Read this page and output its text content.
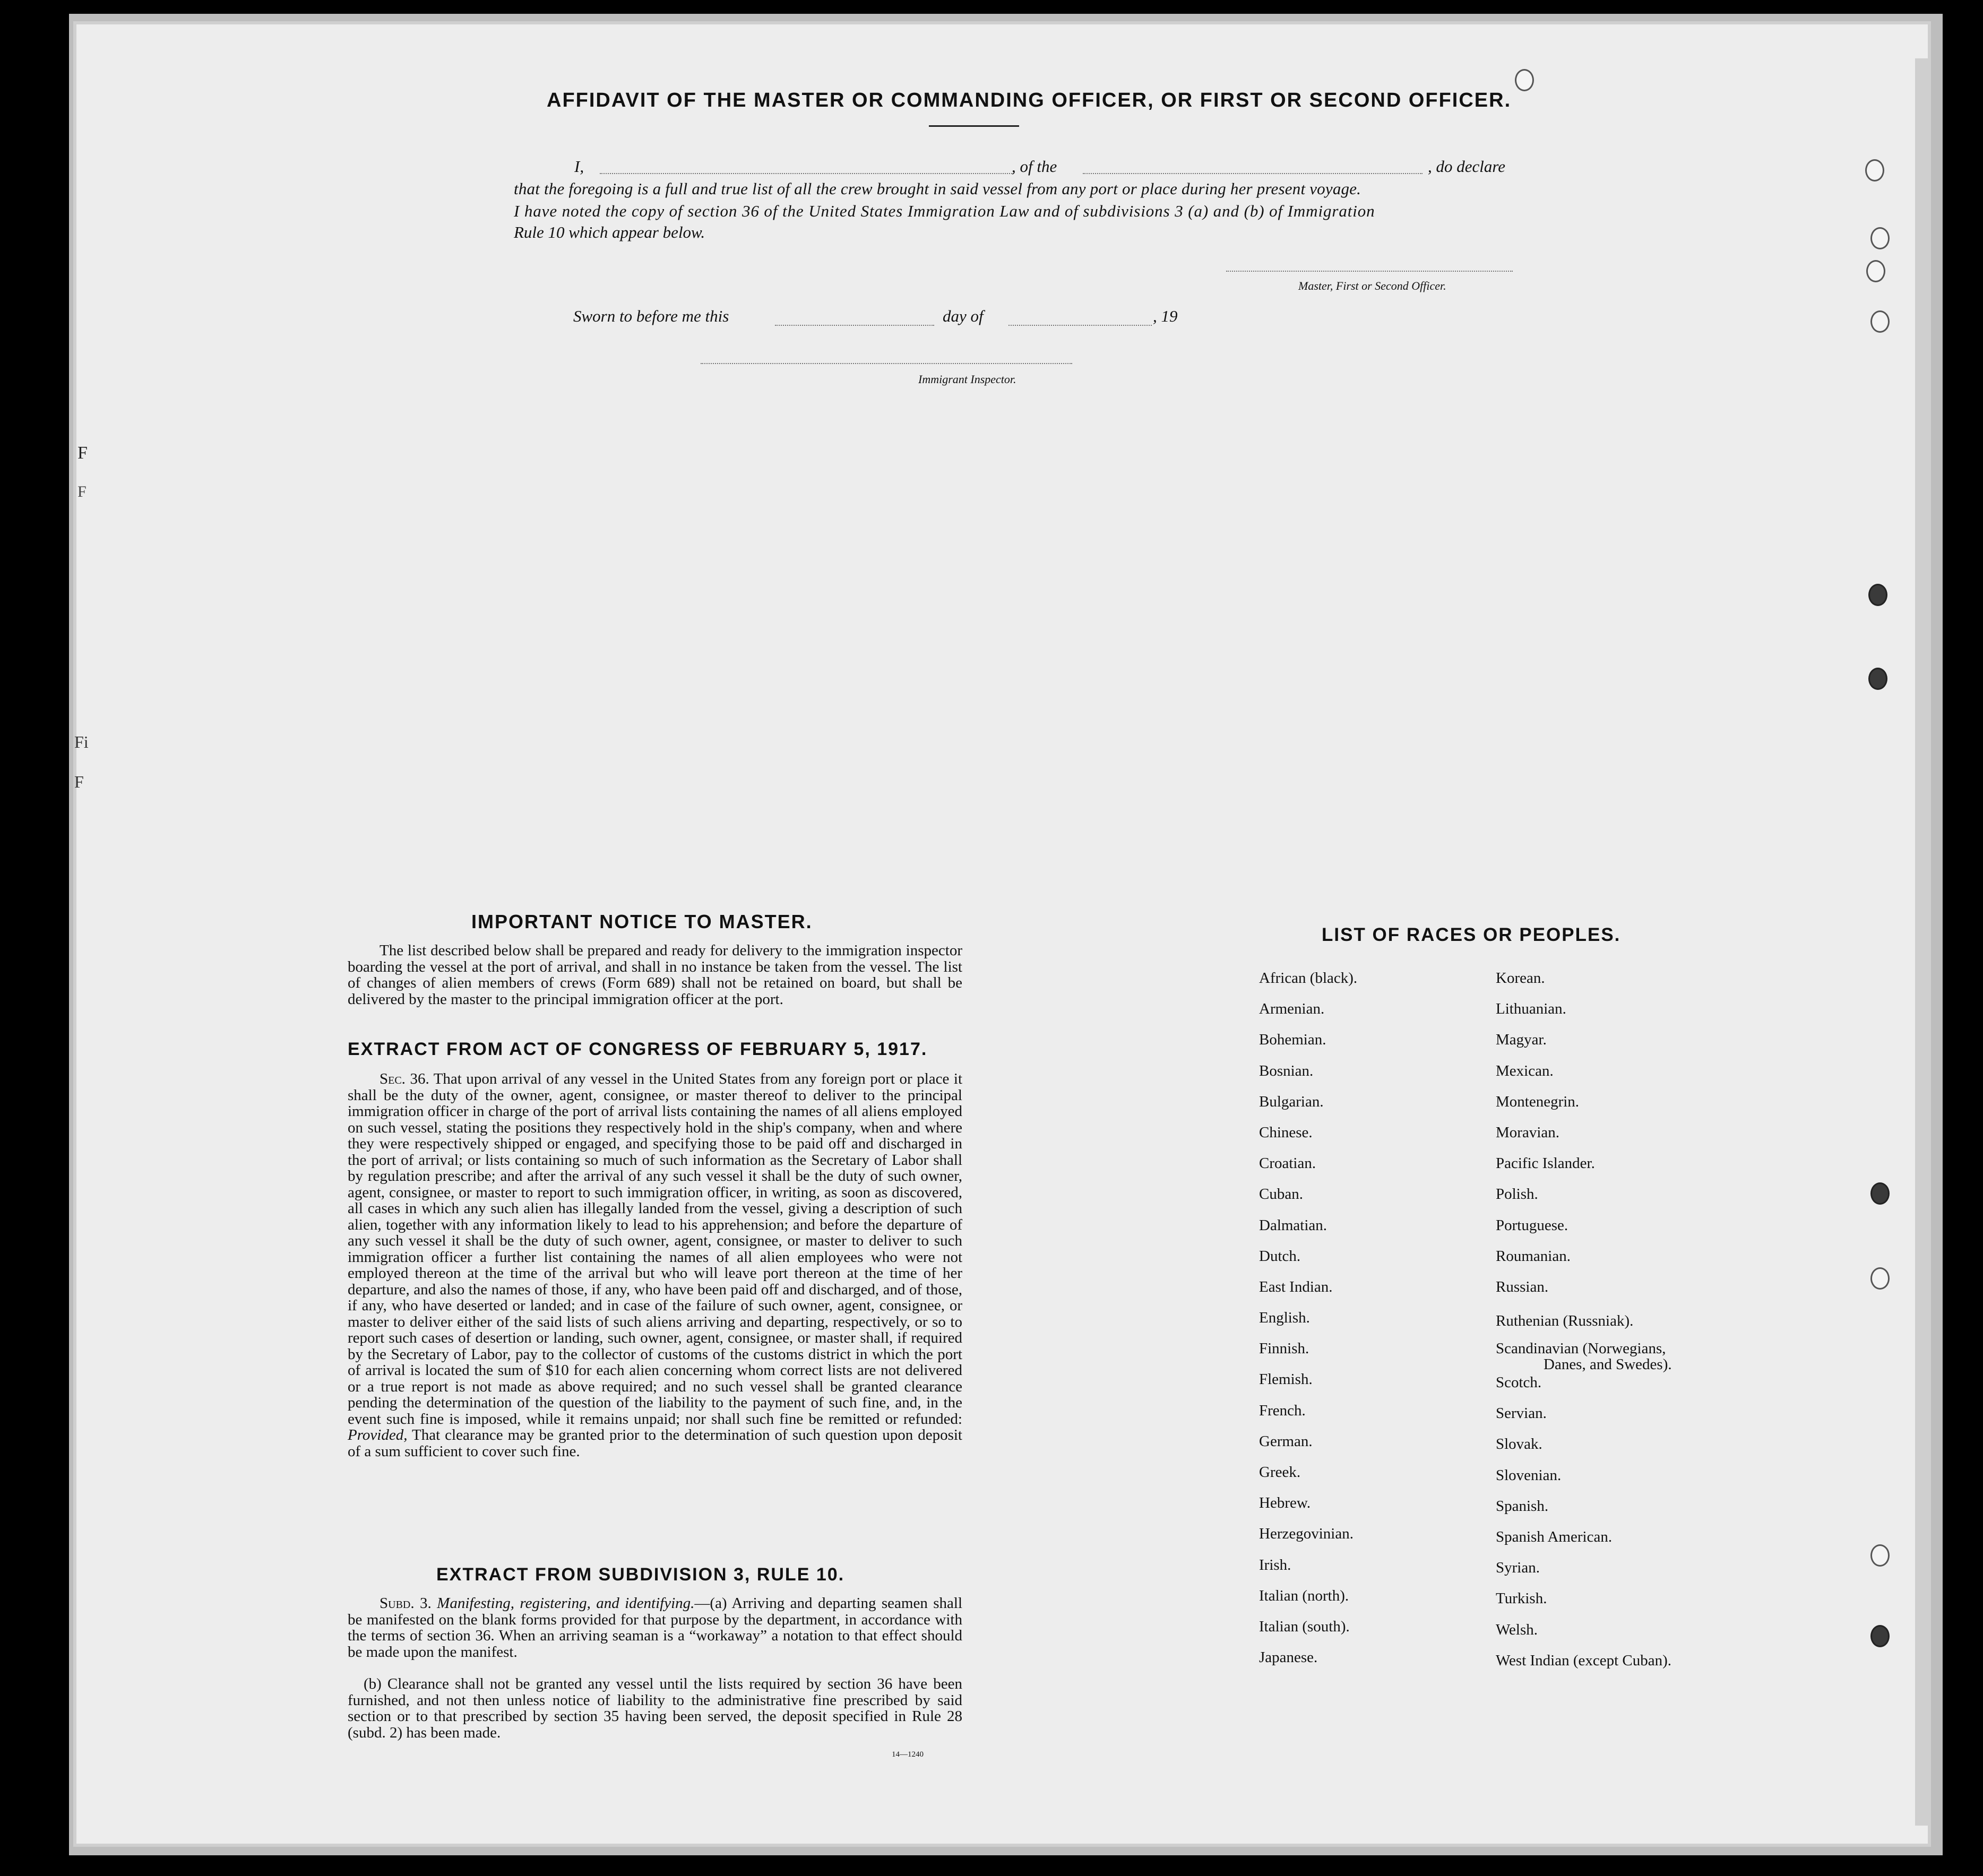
F
F
Fi
F
AFFIDAVIT OF THE MASTER OR COMMANDING OFFICER, OR FIRST OR SECOND OFFICER.
I,	, of the	, do declare
that the foregoing is a full and true list of all the crew brought in said vessel from any port or place during her present voyage.
I have noted the copy of section 36 of the United States Immigration Law and of subdivisions 3 (a) and (b) of Immigration
Rule 10 which appear below.
Master, First or Second Officer.
Sworn to before me this	day of	, 19
Immigrant Inspector.
IMPORTANT NOTICE TO MASTER.
The list described below shall be prepared and ready for delivery to the immigration inspector boarding the vessel at the port of arrival, and shall in no instance be taken from the vessel. The list of changes of alien members of crews (Form 689) shall not be retained on board, but shall be delivered by the master to the principal immigration officer at the port.
EXTRACT FROM ACT OF CONGRESS OF FEBRUARY 5, 1917.
Sec. 36. That upon arrival of any vessel in the United States from any foreign port or place it shall be the duty of the owner, agent, consignee, or master thereof to deliver to the principal immigration officer in charge of the port of arrival lists containing the names of all aliens employed on such vessel, stating the positions they respectively hold in the ship's company, when and where they were respectively shipped or engaged, and specifying those to be paid off and discharged in the port of arrival; or lists containing so much of such information as the Secretary of Labor shall by regulation prescribe; and after the arrival of any such vessel it shall be the duty of such owner, agent, consignee, or master to report to such immigration officer, in writing, as soon as discovered, all cases in which any such alien has illegally landed from the vessel, giving a description of such alien, together with any information likely to lead to his apprehension; and before the departure of any such vessel it shall be the duty of such owner, agent, consignee, or master to deliver to such immigration officer a further list containing the names of all alien employees who were not employed thereon at the time of the arrival but who will leave port thereon at the time of her departure, and also the names of those, if any, who have been paid off and discharged, and of those, if any, who have deserted or landed; and in case of the failure of such owner, agent, consignee, or master to deliver either of the said lists of such aliens arriving and departing, respectively, or so to report such cases of desertion or landing, such owner, agent, consignee, or master shall, if required by the Secretary of Labor, pay to the collector of customs of the customs district in which the port of arrival is located the sum of $10 for each alien concerning whom correct lists are not delivered or a true report is not made as above required; and no such vessel shall be granted clearance pending the determination of the question of the liability to the payment of such fine, and, in the event such fine is imposed, while it remains unpaid; nor shall such fine be remitted or refunded: Provided, That clearance may be granted prior to the determination of such question upon deposit of a sum sufficient to cover such fine.
EXTRACT FROM SUBDIVISION 3, RULE 10.
Subd. 3. Manifesting, registering, and identifying.—(a) Arriving and departing seamen shall be manifested on the blank forms provided for that purpose by the department, in accordance with the terms of section 36. When an arriving seaman is a “workaway” a notation to that effect should be made upon the manifest.
(b) Clearance shall not be granted any vessel until the lists required by section 36 have been furnished, and not then unless notice of liability to the administrative fine prescribed by said section or to that prescribed by section 35 having been served, the deposit specified in Rule 28 (subd. 2) has been made.
14—1240
LIST OF RACES OR PEOPLES.
African (black).
Armenian.
Bohemian.
Bosnian.
Bulgarian.
Chinese.
Croatian.
Cuban.
Dalmatian.
Dutch.
East Indian.
English.
Finnish.
Flemish.
French.
German.
Greek.
Hebrew.
Herzegovinian.
Irish.
Italian (north).
Italian (south).
Japanese.
Korean.
Lithuanian.
Magyar.
Mexican.
Montenegrin.
Moravian.
Pacific Islander.
Polish.
Portuguese.
Roumanian.
Russian.
Ruthenian (Russniak).
Scandinavian (Norwegians,
Danes, and Swedes).
Scotch.
Servian.
Slovak.
Slovenian.
Spanish.
Spanish American.
Syrian.
Turkish.
Welsh.
West Indian (except Cuban).
